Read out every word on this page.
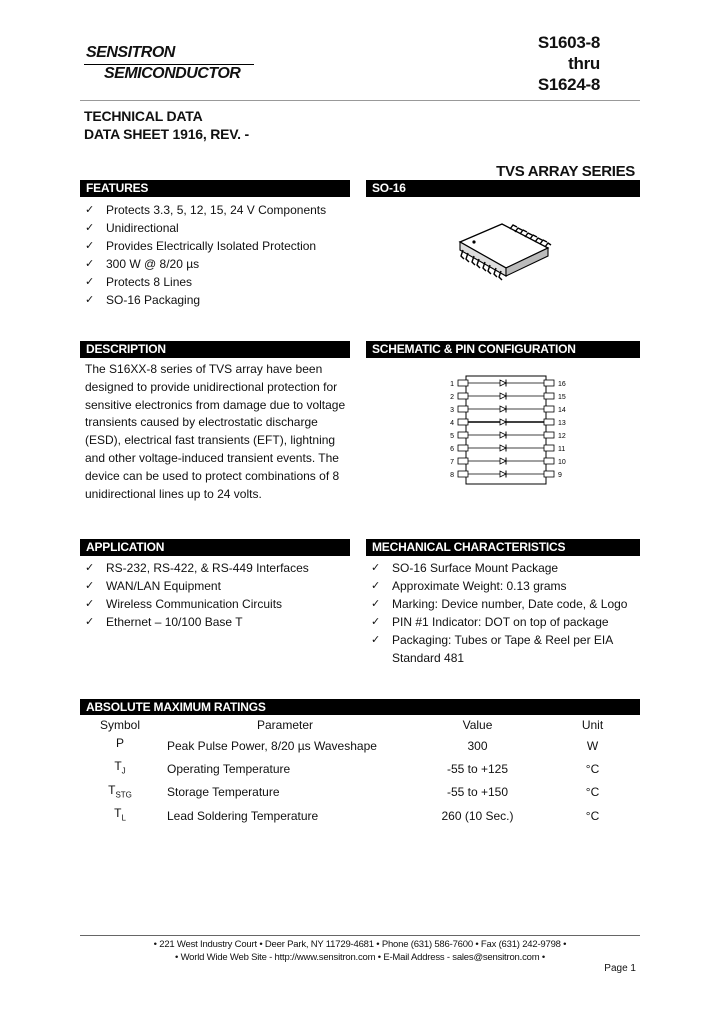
SENSITRON
SEMICONDUCTOR
S1603-8
thru
S1624-8
TECHNICAL DATA
DATA SHEET 1916, REV. -
TVS ARRAY SERIES
FEATURES
✓ Protects 3.3, 5, 12, 15, 24 V Components
✓ Unidirectional
✓ Provides Electrically Isolated Protection
✓ 300 W @ 8/20 µs
✓ Protects 8 Lines
✓ SO-16 Packaging
SO-16
DESCRIPTION
The S16XX-8 series of TVS array have been
designed to provide unidirectional protection for
sensitive electronics from damage due to voltage
transients caused by electrostatic discharge
(ESD), electrical fast transients (EFT), lightning
and other voltage-induced transient events. The
device can be used to protect combinations of 8
unidirectional lines up to 24 volts.
SCHEMATIC & PIN CONFIGURATION
1	16
2	15
3	14
4	13
5	12
6	11
7	10
8	9
APPLICATION
✓ RS-232, RS-422, & RS-449 Interfaces
✓ WAN/LAN Equipment
✓ Wireless Communication Circuits
✓ Ethernet – 10/100 Base T
MECHANICAL CHARACTERISTICS
✓ SO-16 Surface Mount Package
✓ Approximate Weight: 0.13 grams
✓ Marking: Device number, Date code, & Logo
✓ PIN #1 Indicator: DOT on top of package
✓ Packaging: Tubes or Tape & Reel per EIA
Standard 481
ABSOLUTE MAXIMUM RATINGS
Symbol	Parameter	Value	Unit
P	Peak Pulse Power, 8/20 µs Waveshape	300	W
$T_J$	Operating Temperature	-55 to +125	°C
$T_{STG}$	Storage Temperature	-55 to +150	°C
$T_L$	Lead Soldering Temperature	260 (10 Sec.)	°C
• 221 West Industry Court • Deer Park, NY 11729-4681 • Phone (631) 586-7600 • Fax (631) 242-9798 •
• World Wide Web Site - http://www.sensitron.com • E-Mail Address - sales@sensitron.com •
Page 1
